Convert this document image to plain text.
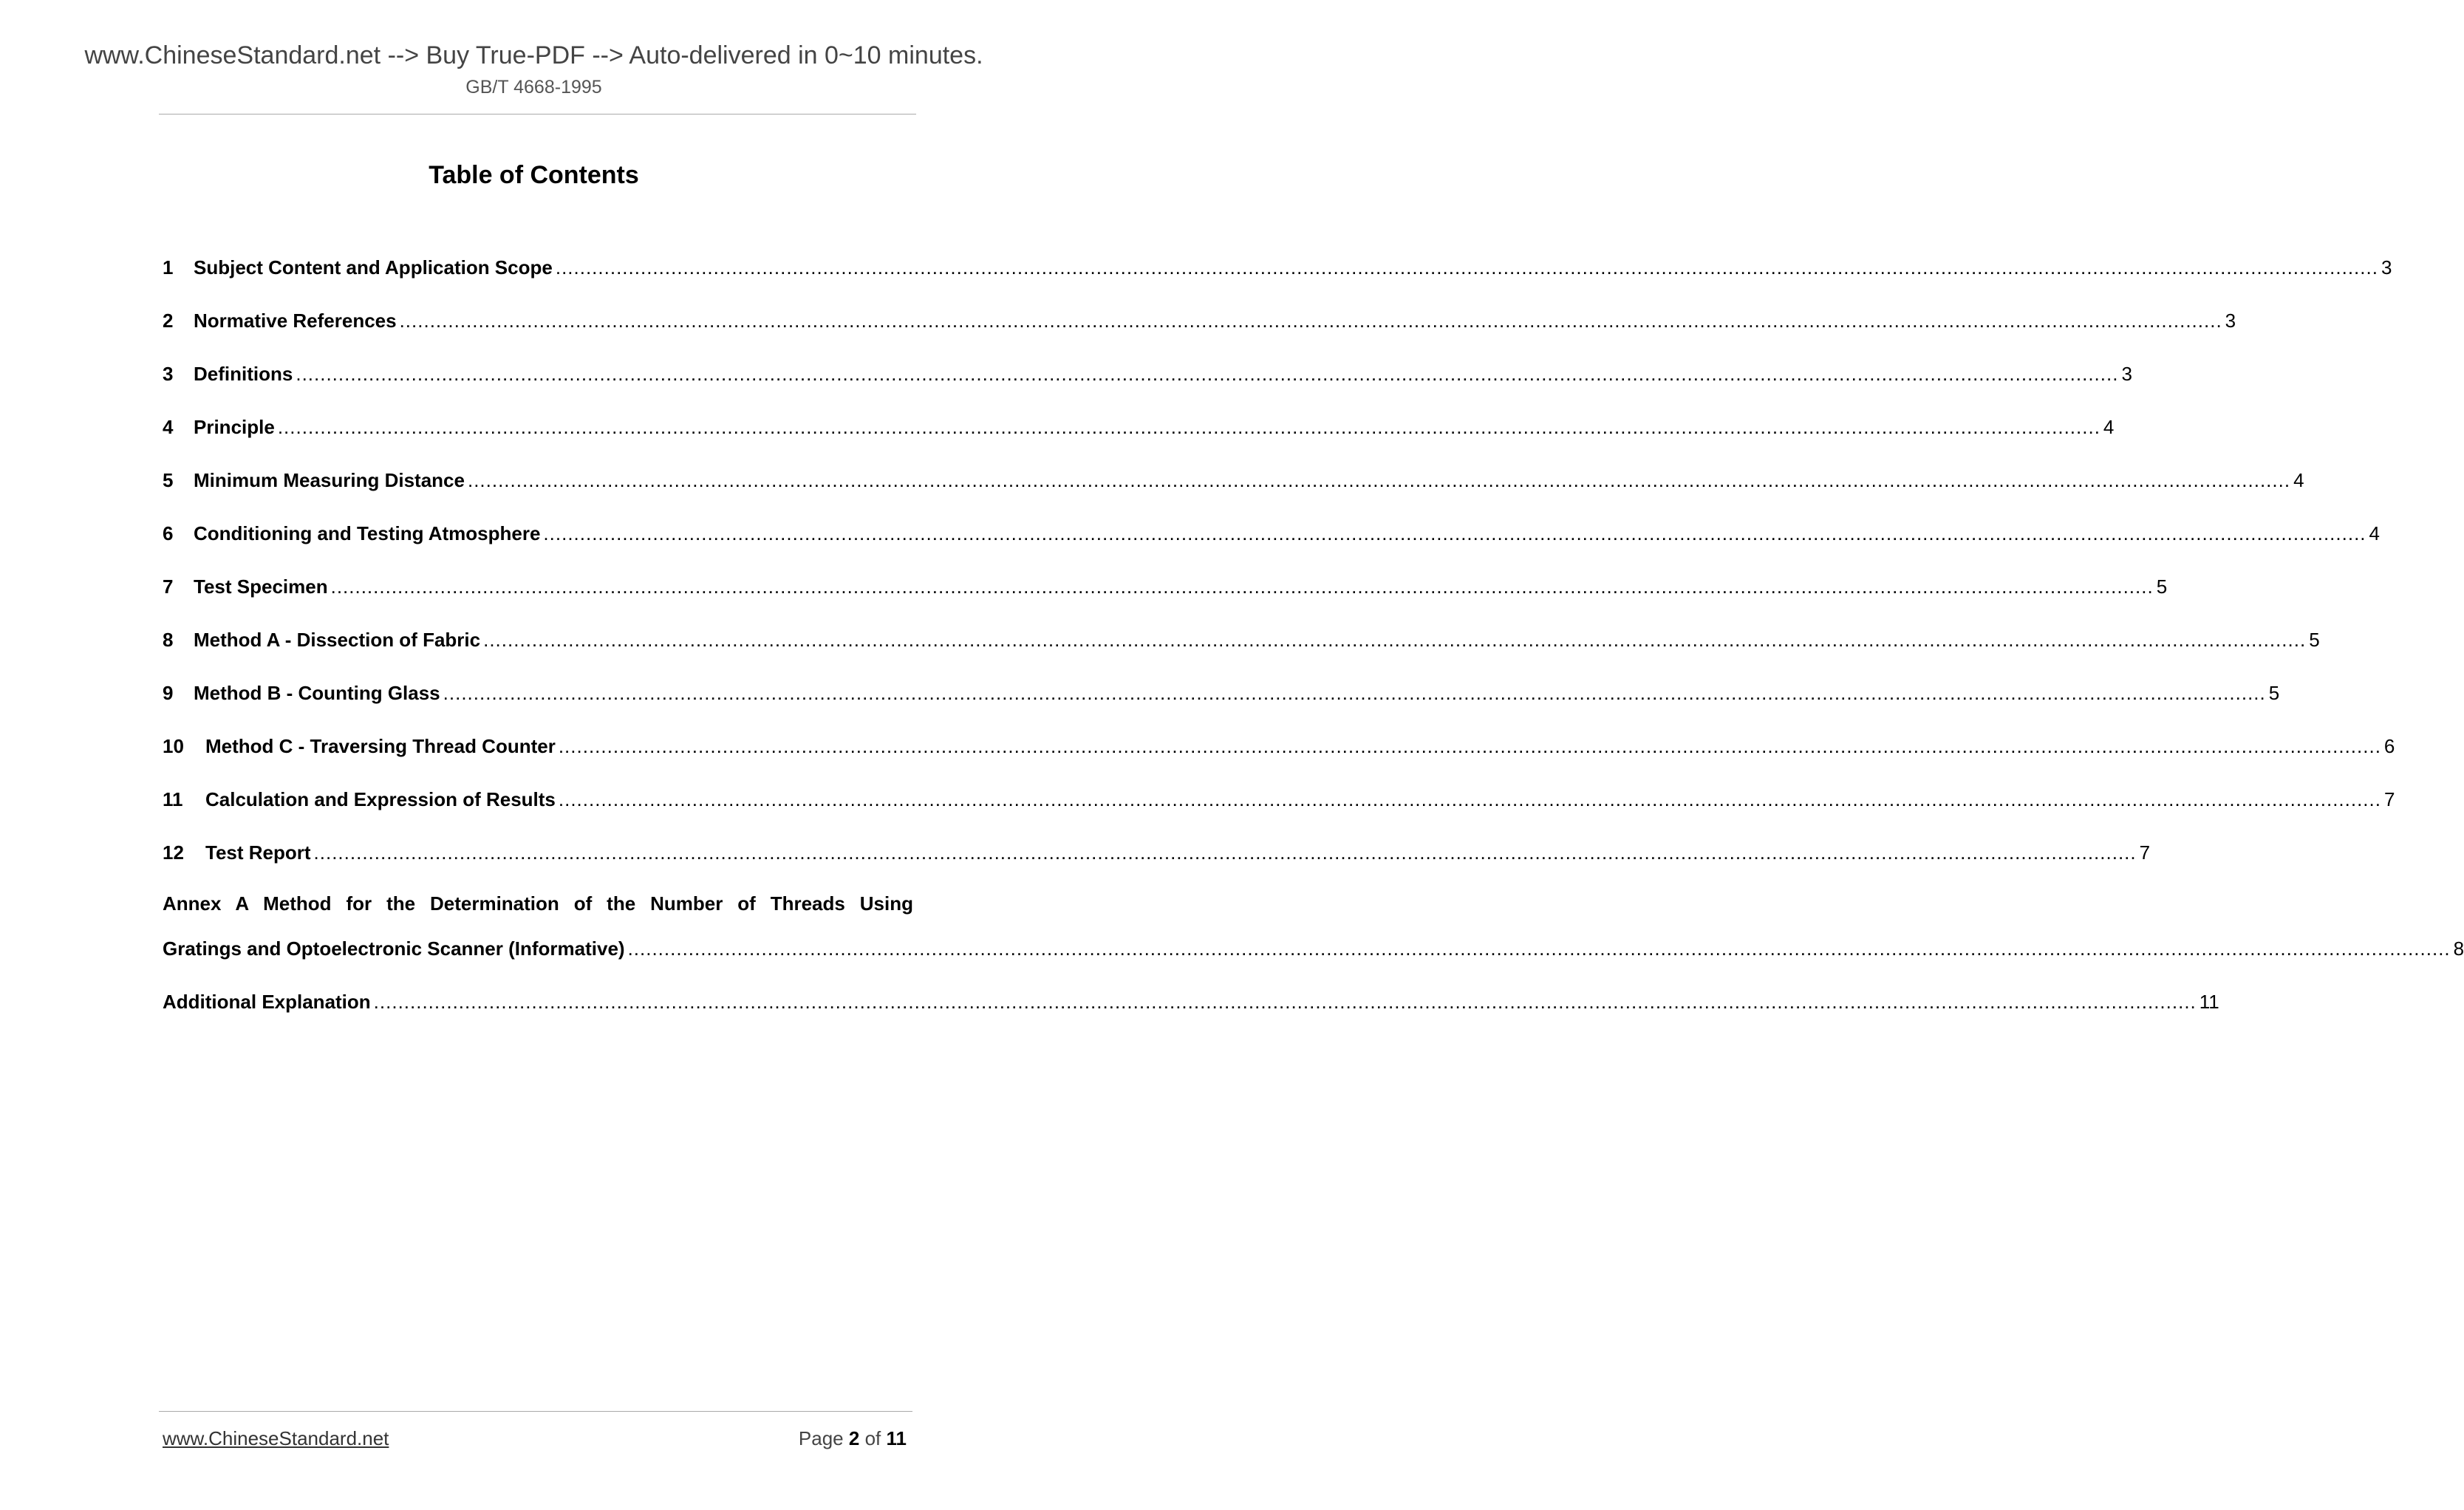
www.ChineseStandard.net --> Buy True-PDF --> Auto-delivered in 0~10 minutes.
GB/T 4668-1995
Table of Contents
1	Subject Content and Application Scope ............................................................................................................................................................................................................................................................................................................ 3
2	Normative References ............................................................................................................................................................................................................................................................................................................ 3
3	Definitions ............................................................................................................................................................................................................................................................................................................ 3
4	Principle ............................................................................................................................................................................................................................................................................................................ 4
5	Minimum Measuring Distance ............................................................................................................................................................................................................................................................................................................ 4
6	Conditioning and Testing Atmosphere ............................................................................................................................................................................................................................................................................................................ 4
7	Test Specimen ............................................................................................................................................................................................................................................................................................................ 5
8	Method A - Dissection of Fabric ............................................................................................................................................................................................................................................................................................................ 5
9	Method B - Counting Glass ............................................................................................................................................................................................................................................................................................................ 5
10	Method C - Traversing Thread Counter ............................................................................................................................................................................................................................................................................................................ 6
11	Calculation and Expression of Results ............................................................................................................................................................................................................................................................................................................ 7
12	Test Report ............................................................................................................................................................................................................................................................................................................ 7
Annex A Method for the Determination of the Number of Threads Using
Gratings and Optoelectronic Scanner (Informative) ............................................................................................................................................................................................................................................................................................................ 8
Additional Explanation ............................................................................................................................................................................................................................................................................................................ 11
www.ChineseStandard.net	Page 2 of 11
